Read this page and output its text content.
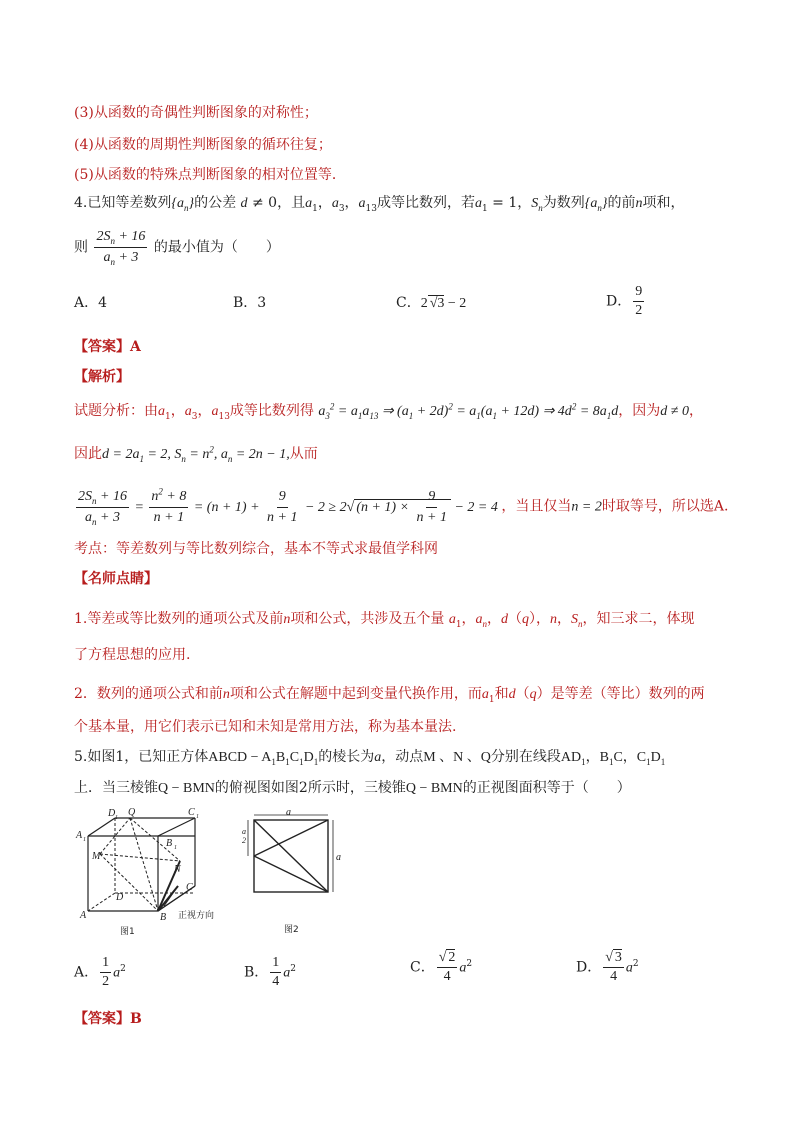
(3)从函数的奇偶性判断图象的对称性；
(4)从函数的周期性判断图象的循环往复；
(5)从函数的特殊点判断图象的相对位置等．
4.已知等差数列$\{a_n\}$的公差 d ≠ 0，且$a_1$，$a_3$，$a_{13}$成等比数列，若$a_1 = 1$，$S_n$为数列$\{a_n\}$的前n项和，
则 $\frac{2S_n + 16}{a_n + 3}$ 的最小值为（　　）
A．4	B．3	C．2 √3 − 2	D． $\frac{9}{2}$
【答案】A
【解析】
试题分析：由$a_1$，$a_3$，$a_{13}$成等比数列得 $a_3^2 = a_1a_{13}$ ⇒ $(a_1 + 2d)^2 = a_1(a_1 + 12d)$ ⇒ $4d^2 = 8a_1d$，因为d ≠ 0，
因此$d = 2a_1 = 2$, $S_n = n^2$, $a_n = 2n - 1$,从而
$\frac{2S_n + 16}{a_n + 3} = \frac{n^2 + 8}{n + 1} = (n + 1) + \frac{9}{n + 1} - 2 \ge 2√$ $(n + 1) \times \frac{9}{n + 1} - 2 = 4$ ，当且仅当n = 2时取等号，所以选A.
考点：等差数列与等比数列综合，基本不等式求最值学科网
【名师点睛】
1.等差或等比数列的通项公式及前n项和公式，共涉及五个量 $a_1$，$a_n$，d（q），n，$S_n$，知三求二，体现
了方程思想的应用.
2．数列的通项公式和前n项和公式在解题中起到变量代换作用，而$a_1$和d（q）是等差（等比）数列的两
个基本量，用它们表示已知和未知是常用方法，称为基本量法.
5.如图1，已知正方体ABCD − $A_1B_1C_1D_1$的棱长为a，动点M 、N 、Q分别在线段$AD_1$，$B_1C$，$C_1D_1$
上．当三棱锥Q − BMN的俯视图如图2所示时，三棱锥Q − BMN的正视图面积等于（　　）
D 1 Q	C 1
A 1	B 1
M
N
D
C
A	B 正视方向
图1
a
a
a
2
图2
A． $\frac{1}{2} a^2$	B． $\frac{1}{4} a^2$	C． $\frac{√ 2}{4} a^2$	D． $\frac{√ 3}{4} a^2$
【答案】B
